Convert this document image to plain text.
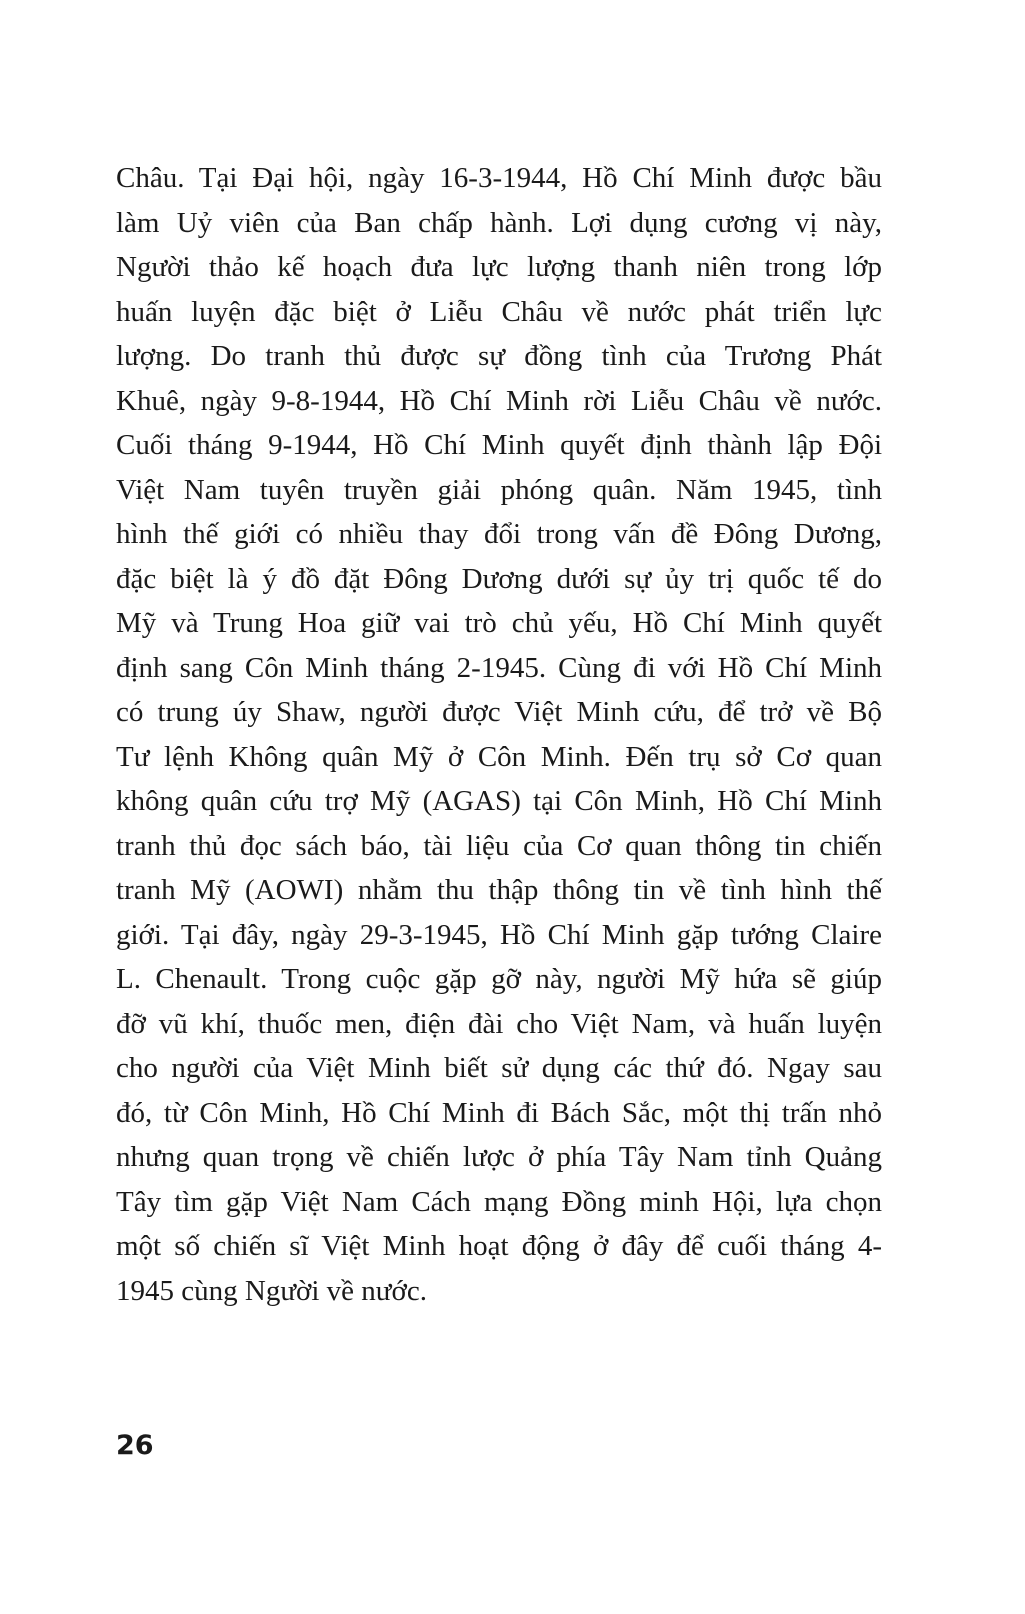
Châu. Tại Đại hội, ngày 16-3-1944, Hồ Chí Minh được bầu
làm Uỷ viên của Ban chấp hành. Lợi dụng cương vị này,
Người thảo kế hoạch đưa lực lượng thanh niên trong lớp
huấn luyện đặc biệt ở Liễu Châu về nước phát triển lực
lượng. Do tranh thủ được sự đồng tình của Trương Phát
Khuê, ngày 9-8-1944, Hồ Chí Minh rời Liễu Châu về nước.
Cuối tháng 9-1944, Hồ Chí Minh quyết định thành lập Đội
Việt Nam tuyên truyền giải phóng quân. Năm 1945, tình
hình thế giới có nhiều thay đổi trong vấn đề Đông Dương,
đặc biệt là ý đồ đặt Đông Dương dưới sự ủy trị quốc tế do
Mỹ và Trung Hoa giữ vai trò chủ yếu, Hồ Chí Minh quyết
định sang Côn Minh tháng 2-1945. Cùng đi với Hồ Chí Minh
có trung úy Shaw, người được Việt Minh cứu, để trở về Bộ
Tư lệnh Không quân Mỹ ở Côn Minh. Đến trụ sở Cơ quan
không quân cứu trợ Mỹ (AGAS) tại Côn Minh, Hồ Chí Minh
tranh thủ đọc sách báo, tài liệu của Cơ quan thông tin chiến
tranh Mỹ (AOWI) nhằm thu thập thông tin về tình hình thế
giới. Tại đây, ngày 29-3-1945, Hồ Chí Minh gặp tướng Claire
L. Chenault. Trong cuộc gặp gỡ này, người Mỹ hứa sẽ giúp
đỡ vũ khí, thuốc men, điện đài cho Việt Nam, và huấn luyện
cho người của Việt Minh biết sử dụng các thứ đó. Ngay sau
đó, từ Côn Minh, Hồ Chí Minh đi Bách Sắc, một thị trấn nhỏ
nhưng quan trọng về chiến lược ở phía Tây Nam tỉnh Quảng
Tây tìm gặp Việt Nam Cách mạng Đồng minh Hội, lựa chọn
một số chiến sĩ Việt Minh hoạt động ở đây để cuối tháng 4-
1945 cùng Người về nước.
26
